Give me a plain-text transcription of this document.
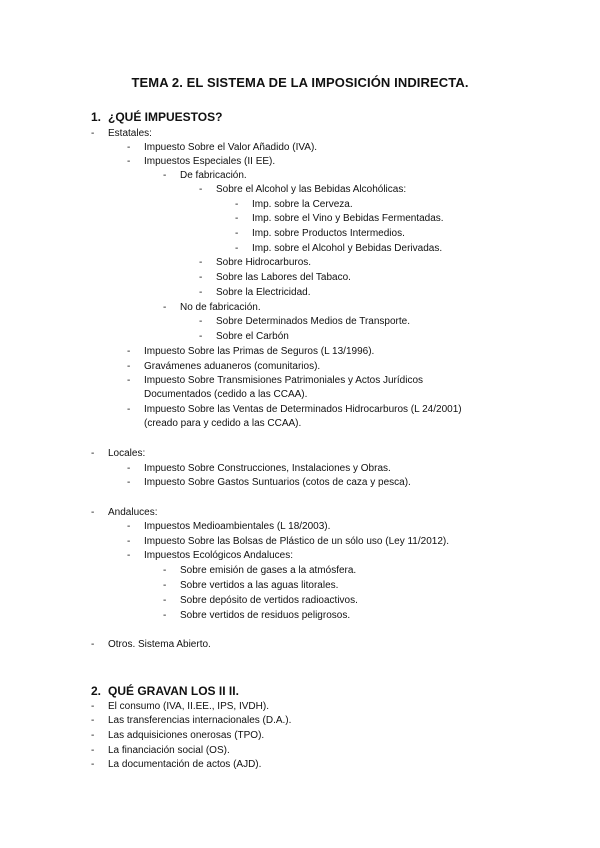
TEMA 2. EL SISTEMA DE LA IMPOSICIÓN INDIRECTA.
1. ¿QUÉ IMPUESTOS?
- Estatales:
- Impuesto Sobre el Valor Añadido (IVA).
- Impuestos Especiales (II EE).
- De fabricación.
- Sobre el Alcohol y las Bebidas Alcohólicas:
- Imp. sobre la Cerveza.
- Imp. sobre el Vino y Bebidas Fermentadas.
- Imp. sobre Productos Intermedios.
- Imp. sobre el Alcohol y Bebidas Derivadas.
- Sobre Hidrocarburos.
- Sobre las Labores del Tabaco.
- Sobre la Electricidad.
- No de fabricación.
- Sobre Determinados Medios de Transporte.
- Sobre el Carbón
- Impuesto Sobre las Primas de Seguros (L 13/1996).
- Gravámenes aduaneros (comunitarios).
- Impuesto Sobre Transmisiones Patrimoniales y Actos Jurídicos
Documentados (cedido a las CCAA).
- Impuesto Sobre las Ventas de Determinados Hidrocarburos (L 24/2001)
(creado para y cedido a las CCAA).
- Locales:
- Impuesto Sobre Construcciones, Instalaciones y Obras.
- Impuesto Sobre Gastos Suntuarios (cotos de caza y pesca).
- Andaluces:
- Impuestos Medioambientales (L 18/2003).
- Impuesto Sobre las Bolsas de Plástico de un sólo uso (Ley 11/2012).
- Impuestos Ecológicos Andaluces:
- Sobre emisión de gases a la atmósfera.
- Sobre vertidos a las aguas litorales.
- Sobre depósito de vertidos radioactivos.
- Sobre vertidos de residuos peligrosos.
- Otros. Sistema Abierto.
2. QUÉ GRAVAN LOS II II.
- El consumo (IVA, II.EE., IPS, IVDH).
- Las transferencias internacionales (D.A.).
- Las adquisiciones onerosas (TPO).
- La financiación social (OS).
- La documentación de actos (AJD).
